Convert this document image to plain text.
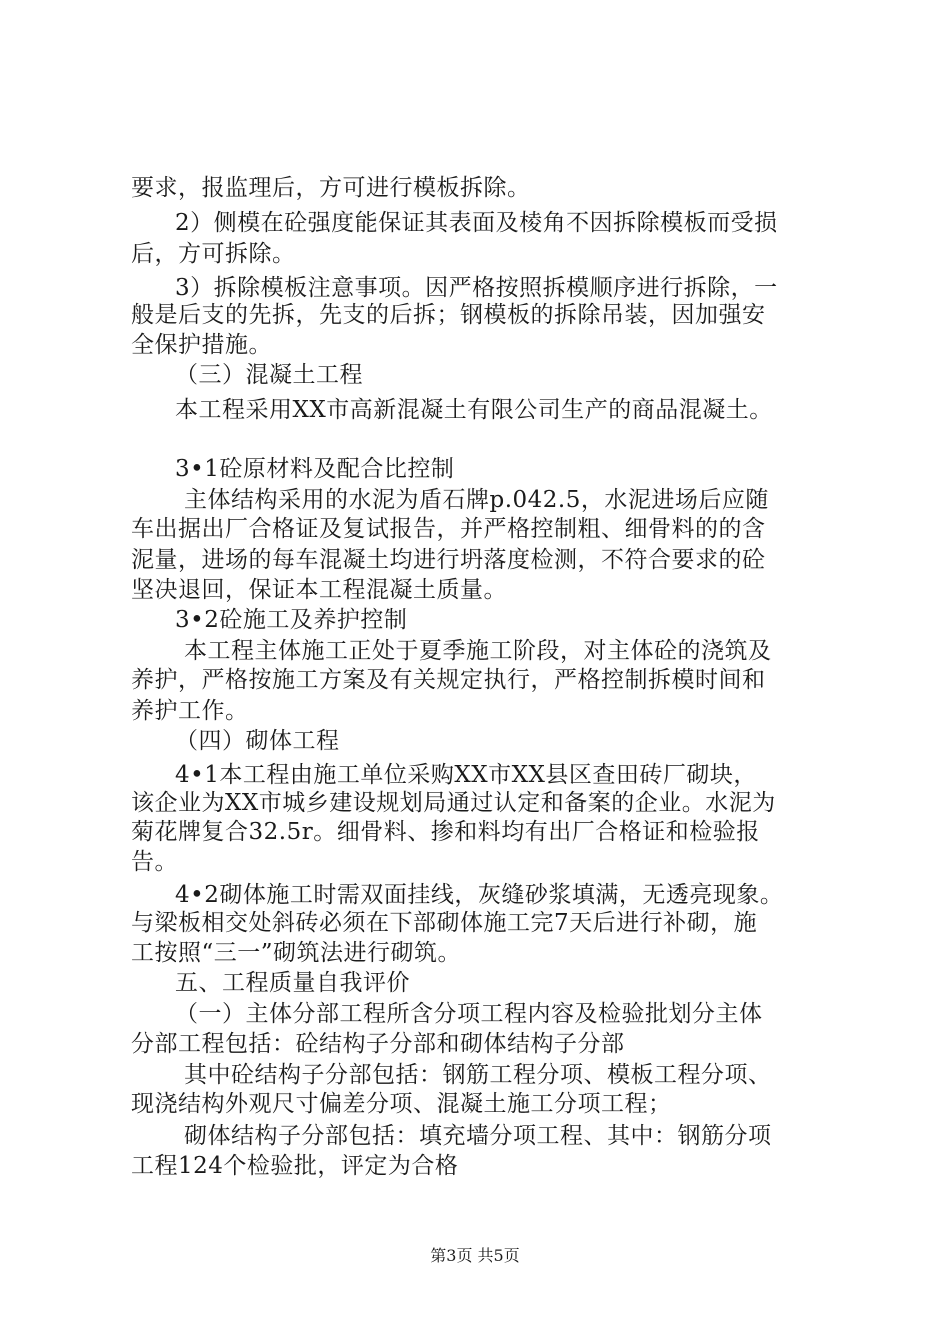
要求，报监理后，方可进行模板拆除。
2）侧模在砼强度能保证其表面及棱角不因拆除模板而受损
后，方可拆除。
3）拆除模板注意事项。因严格按照拆模顺序进行拆除，一
般是后支的先拆，先支的后拆；钢模板的拆除吊装，因加强安
全保护措施。
（三）混凝土工程
本工程采用XX市高新混凝土有限公司生产的商品混凝土。
3•1砼原材料及配合比控制
主体结构采用的水泥为盾石牌p.042.5，水泥进场后应随
车出据出厂合格证及复试报告，并严格控制粗、细骨料的的含
泥量，进场的每车混凝土均进行坍落度检测，不符合要求的砼
坚决退回，保证本工程混凝土质量。
3•2砼施工及养护控制
本工程主体施工正处于夏季施工阶段，对主体砼的浇筑及
养护，严格按施工方案及有关规定执行，严格控制拆模时间和
养护工作。
（四）砌体工程
4•1本工程由施工单位采购XX市XX县区查田砖厂砌块，
该企业为XX市城乡建设规划局通过认定和备案的企业。水泥为
菊花牌复合32.5r。细骨料、掺和料均有出厂合格证和检验报
告。
4•2砌体施工时需双面挂线，灰缝砂浆填满，无透亮现象。
与梁板相交处斜砖必须在下部砌体施工完7天后进行补砌，施
工按照“三一”砌筑法进行砌筑。
五、工程质量自我评价
（一）主体分部工程所含分项工程内容及检验批划分主体
分部工程包括：砼结构子分部和砌体结构子分部
其中砼结构子分部包括：钢筋工程分项、模板工程分项、
现浇结构外观尺寸偏差分项、混凝土施工分项工程；
砌体结构子分部包括：填充墙分项工程、其中：钢筋分项
工程124个检验批，评定为合格
第3页 共5页
